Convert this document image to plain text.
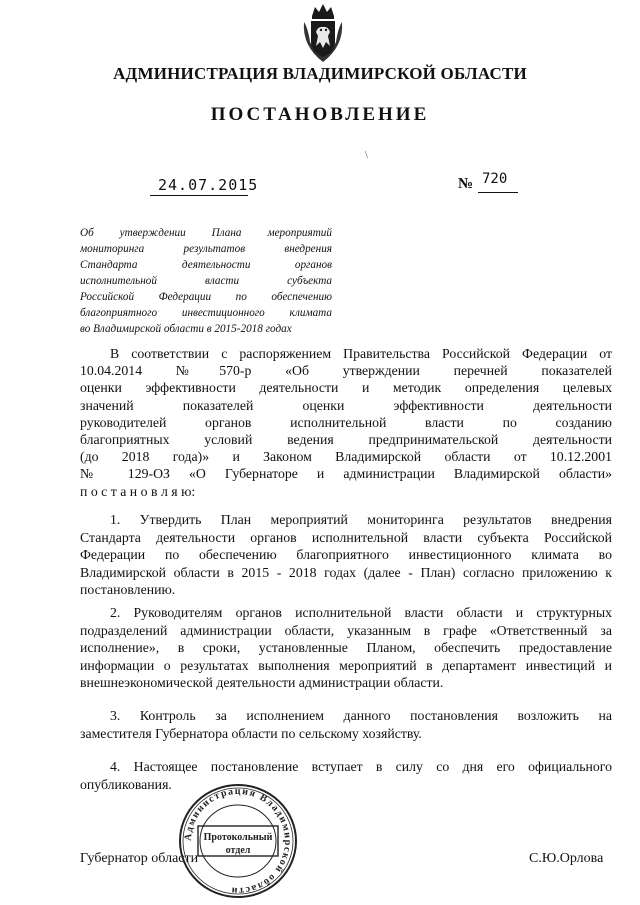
АДМИНИСТРАЦИЯ ВЛАДИМИРСКОЙ ОБЛАСТИ
ПОСТАНОВЛЕНИЕ
\
24.07.2015	№ 720
Об утверждении Плана мероприятий
мониторинга результатов внедрения
Стандарта деятельности органов
исполнительной власти субъекта
Российской Федерации по обеспечению
благоприятного инвестиционного климата
во Владимирской области в 2015-2018 годах
В соответствии с распоряжением Правительства Российской Федерации от
10.04.2014 №570-р «Об утверждении перечней показателей
оценки эффективности деятельности и методик определения целевых
значений показателей оценки эффективности деятельности
руководителей органов исполнительной власти по созданию
благоприятных условий ведения предпринимательской деятельности
(до 2018 года)» и Законом Владимирской области от 10.12.2001
№ 129-ОЗ «О Губернаторе и администрации Владимирской области»
п о с т а н о в л я ю:
1. Утвердить План мероприятий мониторинга результатов внедрения
Стандарта деятельности органов исполнительной власти субъекта Российской
Федерации по обеспечению благоприятного инвестиционного климата во
Владимирской области в 2015 - 2018 годах (далее - План) согласно приложению к
постановлению.
2. Руководителям органов исполнительной власти области и структурных
подразделений администрации области, указанным в графе «Ответственный за
исполнение», в сроки, установленные Планом, обеспечить предоставление
информации о результатах выполнения мероприятий в департамент инвестиций и
внешнеэкономической деятельности администрации области.
3. Контроль за исполнением данного постановления возложить на
заместителя Губернатора области по сельскому хозяйству.
4. Настоящее постановление вступает в силу со дня его официального
опубликования.
Губернатор области	С.Ю.Орлова
Администрация Владимирской области
Протокольный
отдел
